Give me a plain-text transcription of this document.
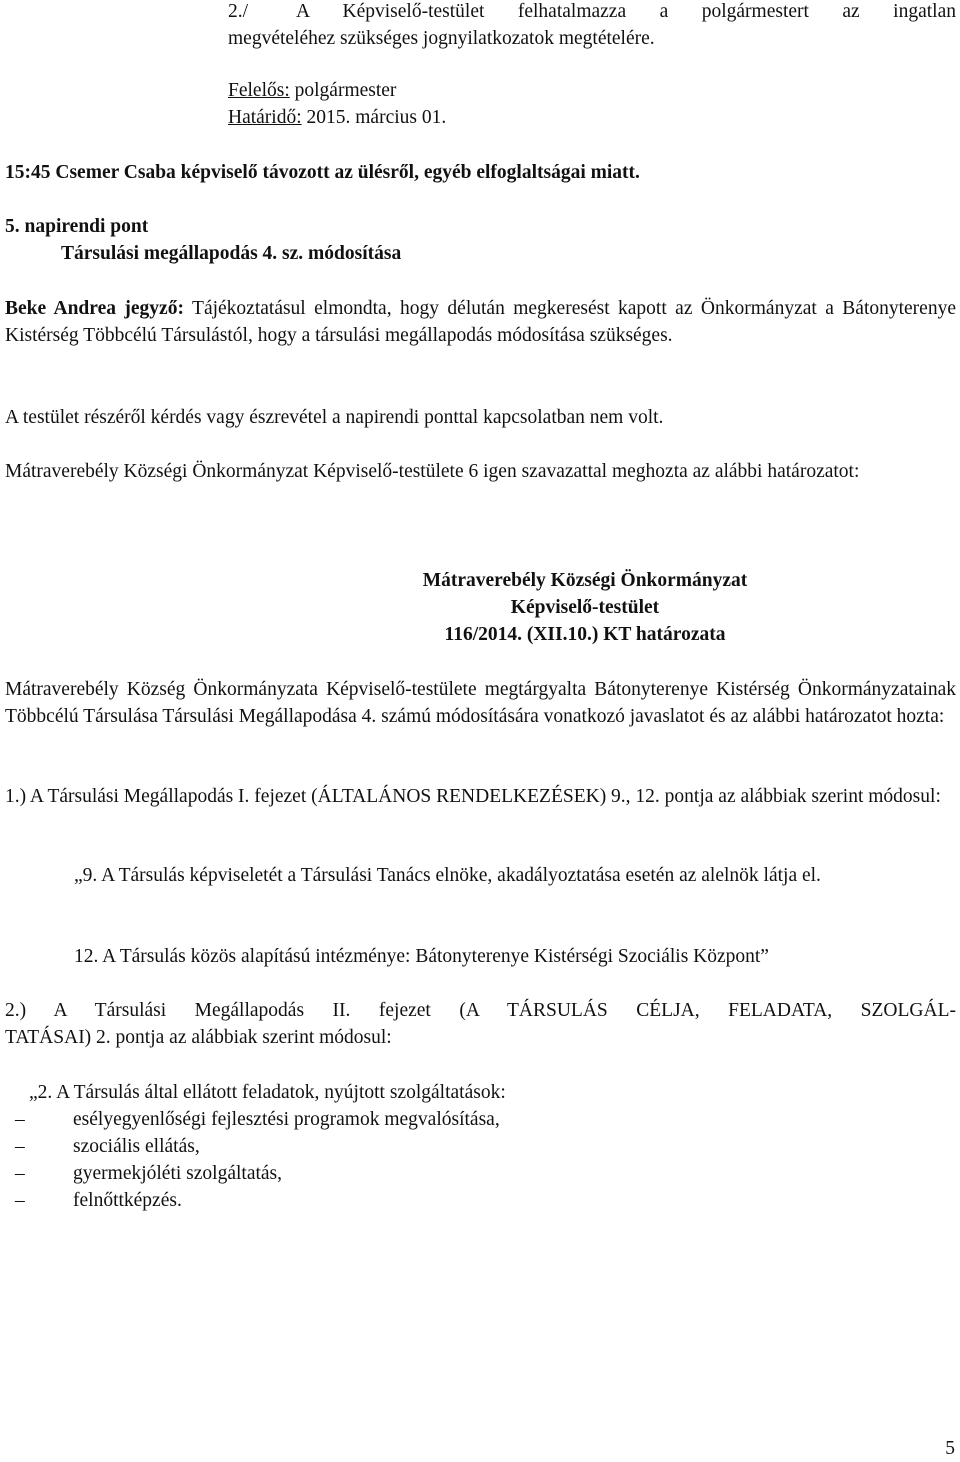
2./ A Képviselő-testület felhatalmazza a polgármestert az ingatlan

megvételéhez szükséges jognyilatkozatok megtételére.

Felelős: polgármester

Határidő: 2015. március 01.

15:45 Csemer Csaba képviselő távozott az ülésről, egyéb elfoglaltságai miatt.

5. napirendi pont

Társulási megállapodás 4. sz. módosítása

Beke Andrea jegyző: Tájékoztatásul elmondta, hogy délután megkeresést kapott az Önkormányzat a Bátonyterenye Kistérség Többcélú Társulástól, hogy a társulási megállapodás módosítása szükséges.

A testület részéről kérdés vagy észrevétel a napirendi ponttal kapcsolatban nem volt.

Mátraverebély Községi Önkormányzat Képviselő-testülete 6 igen szavazattal meghozta az alábbi határozatot:

Mátraverebély Községi Önkormányzat

Képviselő-testület

116/2014. (XII.10.) KT határozata

Mátraverebély Község Önkormányzata Képviselő-testülete megtárgyalta Bátonyterenye Kistérség Önkormányzatainak Többcélú Társulása Társulási Megállapodása 4. számú módosítására vonatkozó javaslatot és az alábbi határozatot hozta:

1.) A Társulási Megállapodás I. fejezet (ÁLTALÁNOS RENDELKEZÉSEK) 9., 12. pontja az alábbiak szerint módosul:

„9. A Társulás képviseletét a Társulási Tanács elnöke, akadályoztatása esetén az alelnök látja el.

12. A Társulás közös alapítású intézménye: Bátonyterenye Kistérségi Szociális Központ”

2.) A Társulási Megállapodás II. fejezet (A TÁRSULÁS CÉLJA, FELADATA, SZOLGÁL-

TATÁSAI) 2. pontja az alábbiak szerint módosul:

„2. A Társulás által ellátott feladatok, nyújtott szolgáltatások:

– esélyegyenlőségi fejlesztési programok megvalósítása,
– szociális ellátás,
– gyermekjóléti szolgáltatás,
– felnőttképzés.
5
